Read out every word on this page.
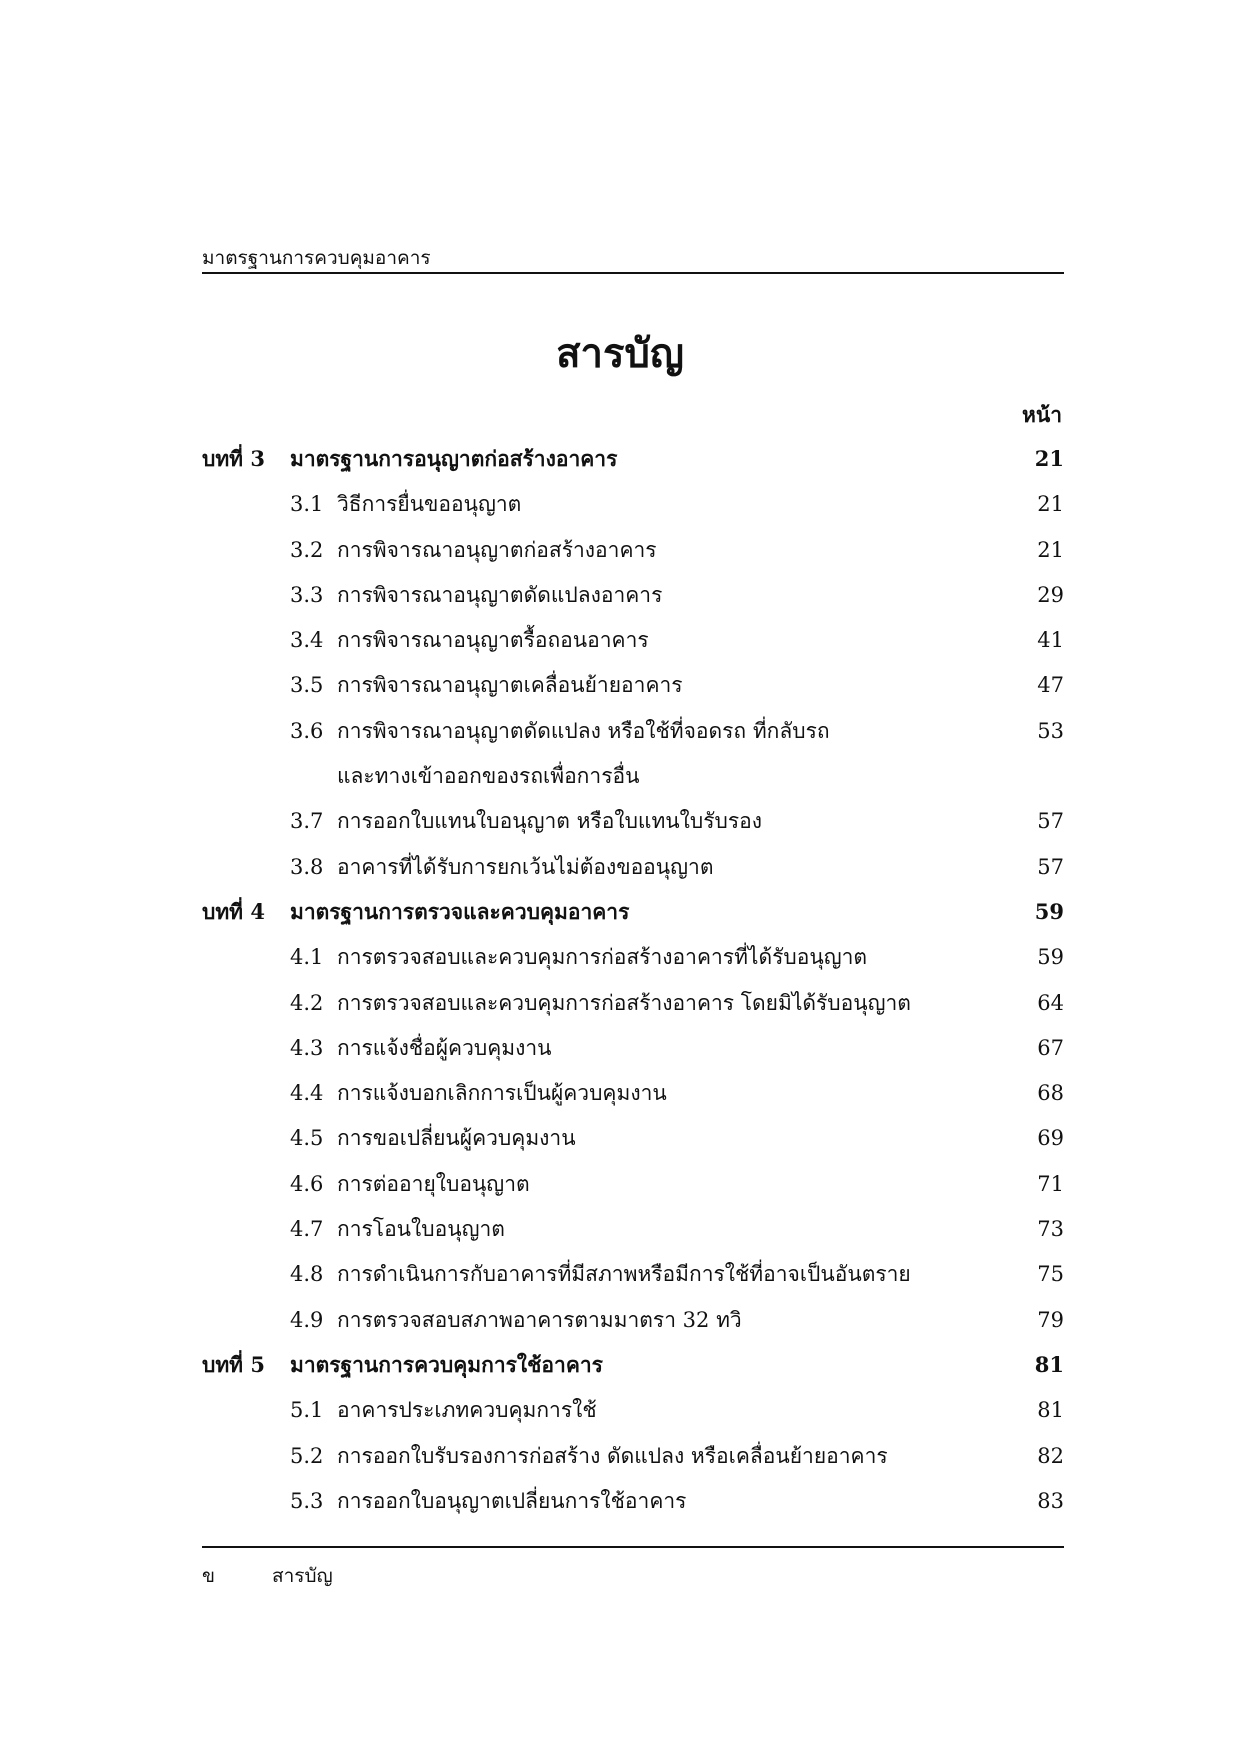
มาตรฐานการควบคุมอาคาร
สารบัญ
หน้า
บทที่ 3 มาตรฐานการอนุญาตก่อสร้างอาคาร	21
3.1 วิธีการยื่นขออนุญาต	21
3.2 การพิจารณาอนุญาตก่อสร้างอาคาร	21
3.3 การพิจารณาอนุญาตดัดแปลงอาคาร	29
3.4 การพิจารณาอนุญาตรื้อถอนอาคาร	41
3.5 การพิจารณาอนุญาตเคลื่อนย้ายอาคาร	47
3.6 การพิจารณาอนุญาตดัดแปลง หรือใช้ที่จอดรถ ที่กลับรถ	53
และทางเข้าออกของรถเพื่อการอื่น
3.7 การออกใบแทนใบอนุญาต หรือใบแทนใบรับรอง	57
3.8 อาคารที่ได้รับการยกเว้นไม่ต้องขออนุญาต	57
บทที่ 4 มาตรฐานการตรวจและควบคุมอาคาร	59
4.1 การตรวจสอบและควบคุมการก่อสร้างอาคารที่ได้รับอนุญาต	59
4.2 การตรวจสอบและควบคุมการก่อสร้างอาคาร โดยมิได้รับอนุญาต	64
4.3 การแจ้งชื่อผู้ควบคุมงาน	67
4.4 การแจ้งบอกเลิกการเป็นผู้ควบคุมงาน	68
4.5 การขอเปลี่ยนผู้ควบคุมงาน	69
4.6 การต่ออายุใบอนุญาต	71
4.7 การโอนใบอนุญาต	73
4.8 การดำเนินการกับอาคารที่มีสภาพหรือมีการใช้ที่อาจเป็นอันตราย	75
4.9 การตรวจสอบสภาพอาคารตามมาตรา 32 ทวิ	79
บทที่ 5 มาตรฐานการควบคุมการใช้อาคาร	81
5.1 อาคารประเภทควบคุมการใช้	81
5.2 การออกใบรับรองการก่อสร้าง ดัดแปลง หรือเคลื่อนย้ายอาคาร	82
5.3 การออกใบอนุญาตเปลี่ยนการใช้อาคาร	83
ข	สารบัญ
